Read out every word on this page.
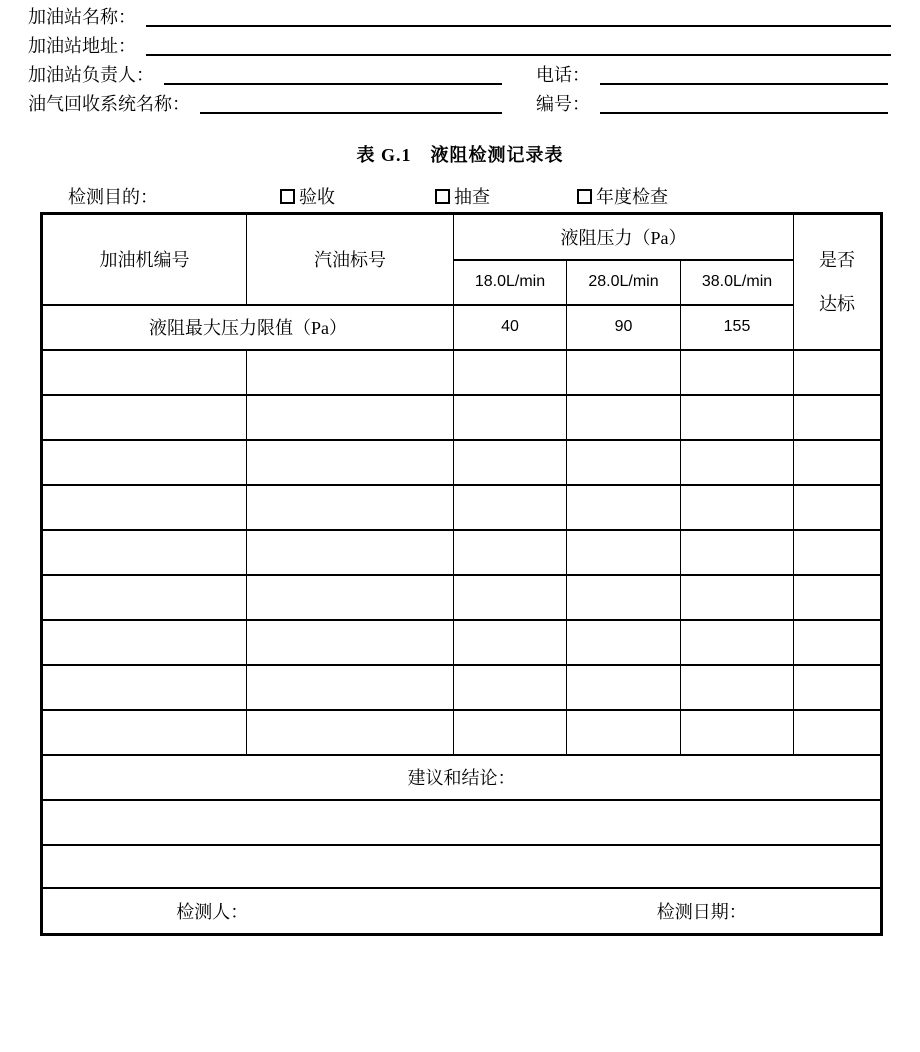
加油站名称：
加油站地址：
加油站负责人：	电话：
油气回收系统名称：	编号：
表 G.1　液阻检测记录表
检测目的：	验收	抽查	年度检查
加油机编号	汽油标号	液阻压力（Pa）			是否
达标

		18.0L/min	28.0L/min	38.0L/min	
液阻最大压力限值（Pa）		40	90	155	

建议和结论：					

检测人： 检测日期：					
